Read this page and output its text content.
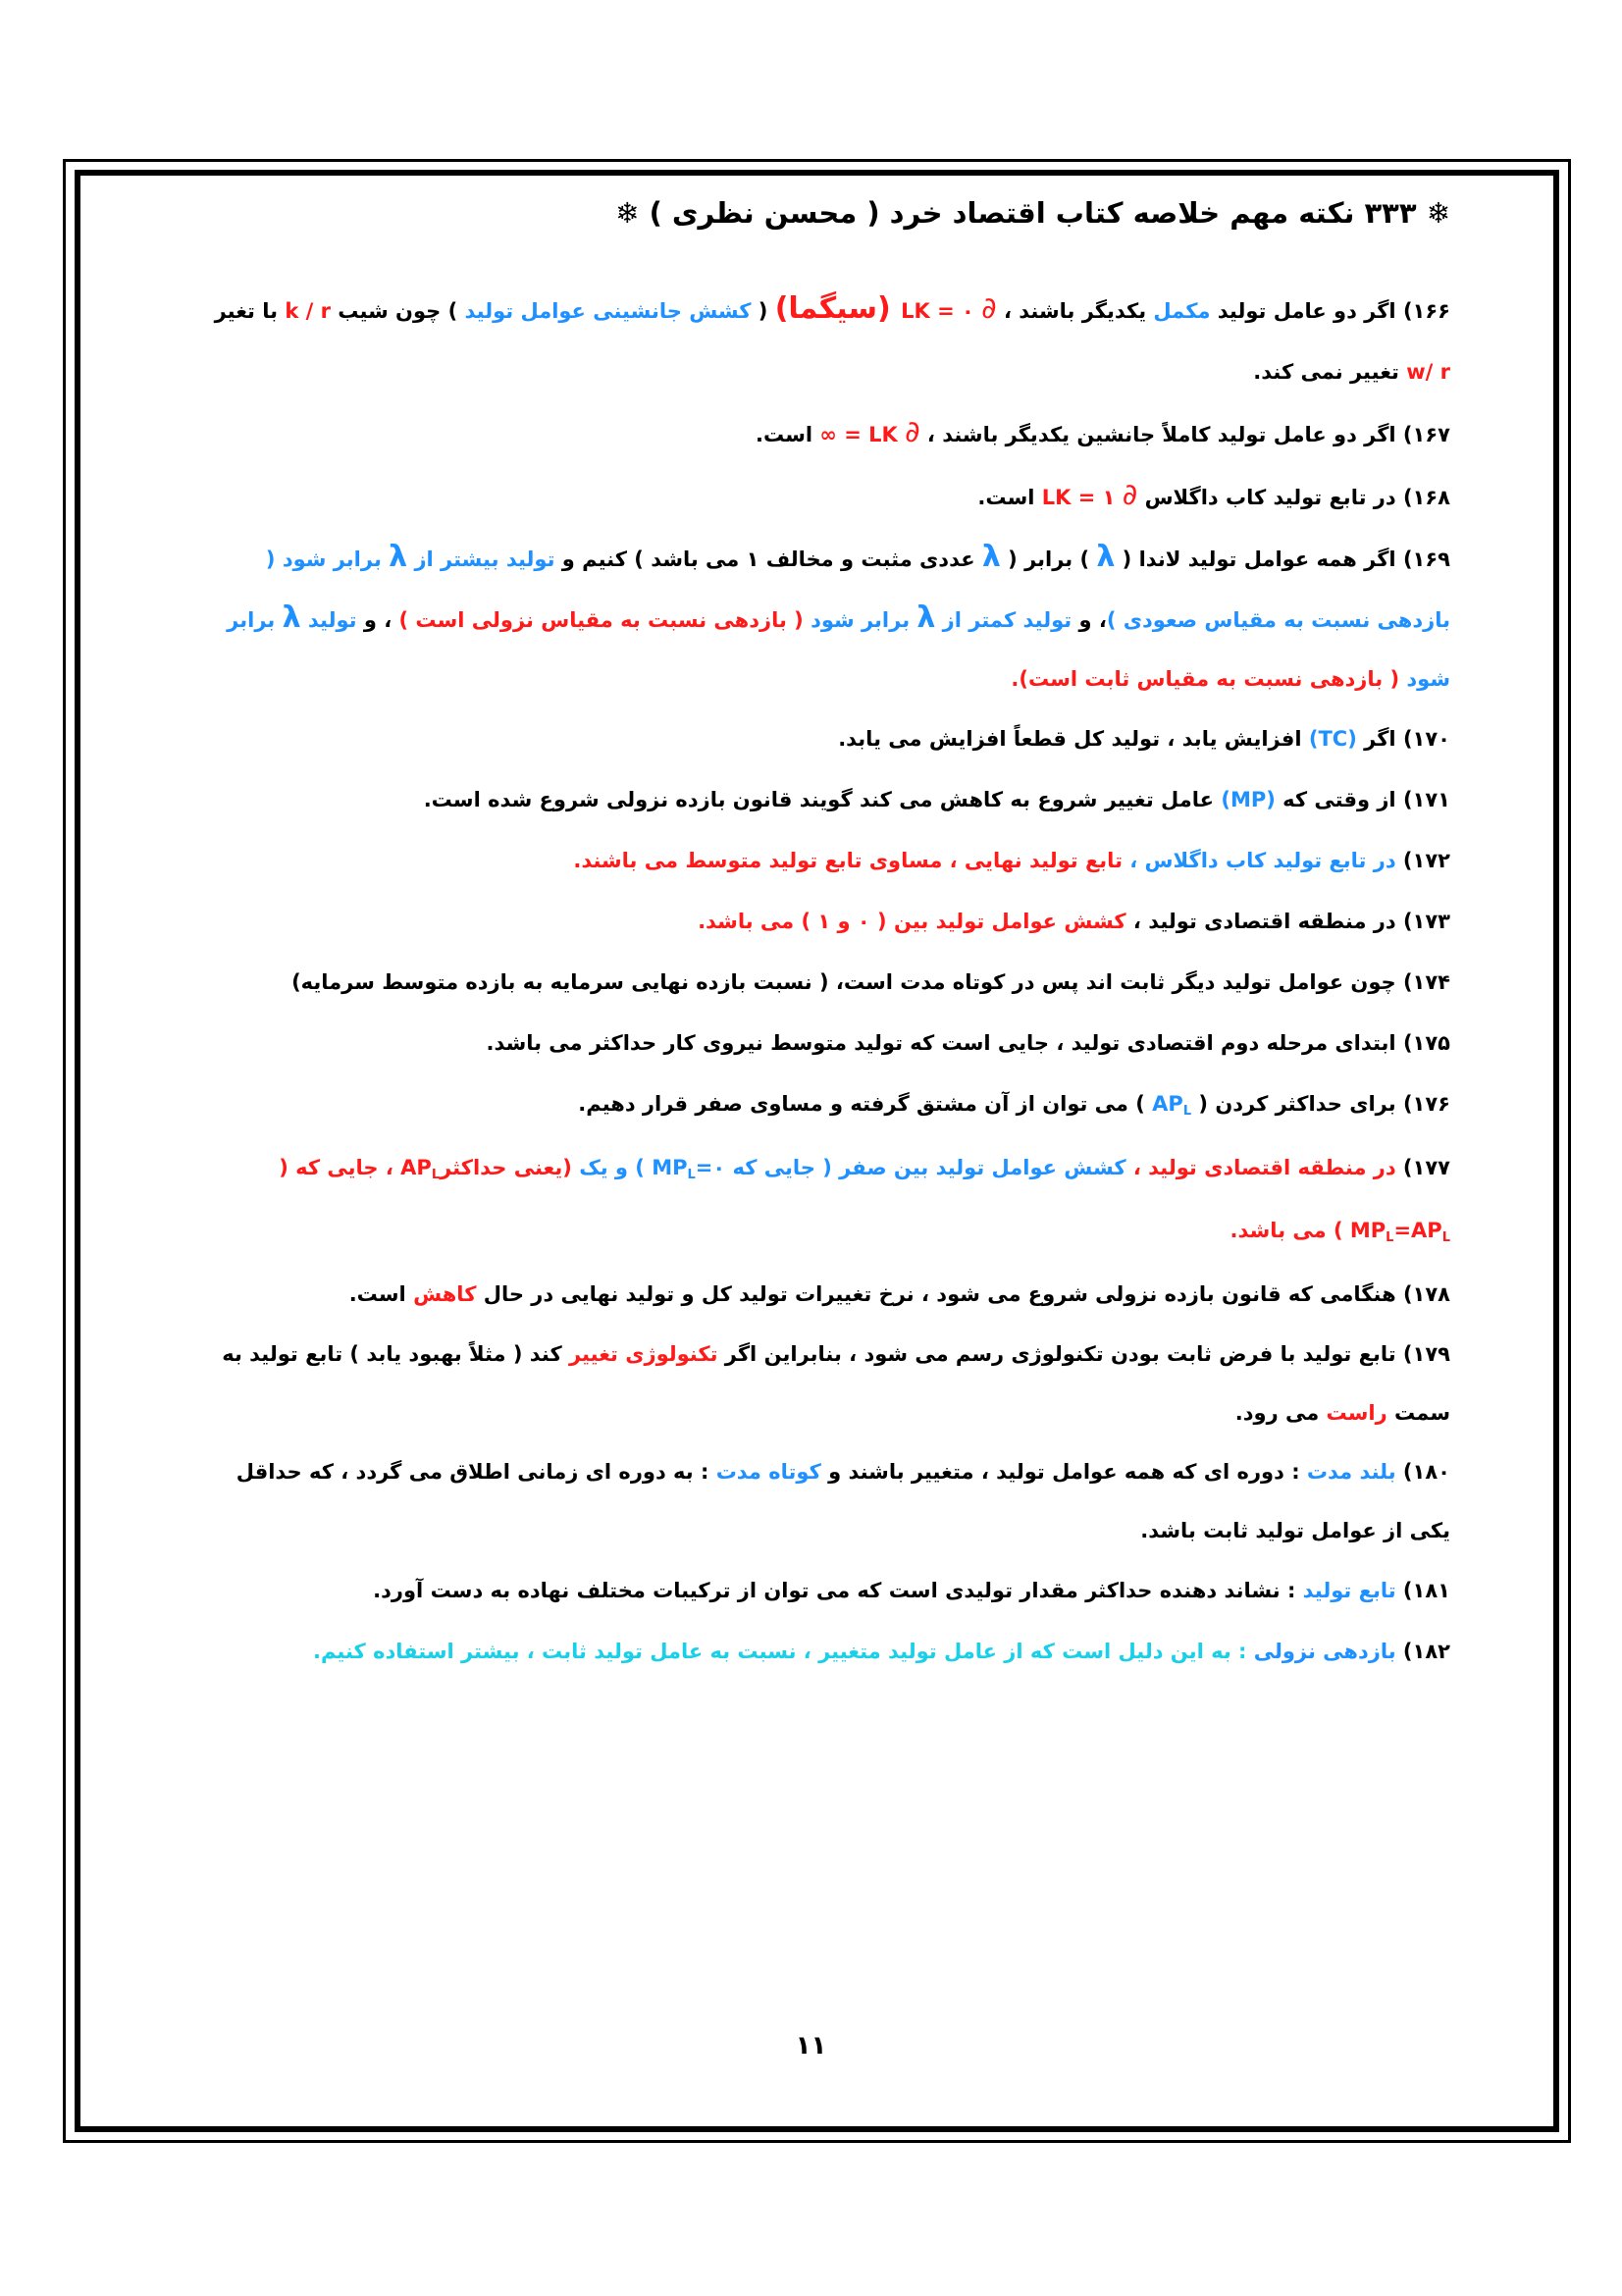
❄ ۳۳۳ نکته مهم خلاصه کتاب اقتصاد خرد ( محسن نظری ) ❄
۱۶۶) اگر دو عامل تولید مکمل یکدیگر باشند ، ∂ LK = ۰ (سیگما) ( کشش جانشینی عوامل تولید ) چون شیب k / r با تغیر w/ r تغییر نمی کند.
۱۶۷) اگر دو عامل تولید کاملاً جانشین یکدیگر باشند ، ∂ LK = ∞ است.
۱۶۸) در تابع تولید کاب داگلاس ∂ LK = ۱ است.
۱۶۹) اگر همه عوامل تولید لاندا ( λ ) برابر ( λ عددی مثبت و مخالف ۱ می باشد ) کنیم و تولید بیشتر از λ برابر شود ( بازدهی نسبت به مقیاس صعودی )، و تولید کمتر از λ برابر شود ( بازدهی نسبت به مقیاس نزولی است ) ، و تولید λ برابر شود ( بازدهی نسبت به مقیاس ثابت است).
۱۷۰) اگر (TC) افزایش یابد ، تولید کل قطعاً افزایش می یابد.
۱۷۱) از وقتی که (MP) عامل تغییر شروع به کاهش می کند گویند قانون بازده نزولی شروع شده است.
۱۷۲) در تابع تولید کاب داگلاس ، تابع تولید نهایی ، مساوی تابع تولید متوسط می باشند.
۱۷۳) در منطقه اقتصادی تولید ، کشش عوامل تولید بین ( ۰ و ۱ ) می باشد.
۱۷۴) چون عوامل تولید دیگر ثابت اند پس در کوتاه مدت است، ( نسبت بازده نهایی سرمایه به بازده متوسط سرمایه)
۱۷۵) ابتدای مرحله دوم اقتصادی تولید ، جایی است که تولید متوسط نیروی کار حداکثر می باشد.
۱۷۶) برای حداکثر کردن ( $AP_L$ ) می توان از آن مشتق گرفته و مساوی صفر قرار دهیم.
۱۷۷) در منطقه اقتصادی تولید ، کشش عوامل تولید بین صفر ( جایی که $MP_L=۰$ ) و یک (یعنی حداکثرAP$_L$ ، جایی که ( $MP_L=AP_L$ ) می باشد.
۱۷۸) هنگامی که قانون بازده نزولی شروع می شود ، نرخ تغییرات تولید کل و تولید نهایی در حال کاهش است.
۱۷۹) تابع تولید با فرض ثابت بودن تکنولوژی رسم می شود ، بنابراین اگر تکنولوژی تغییر کند ( مثلاً بهبود یابد ) تابع تولید به سمت راست می رود.
۱۸۰) بلند مدت : دوره ای که همه عوامل تولید ، متغییر باشند و کوتاه مدت : به دوره ای زمانی اطلاق می گردد ، که حداقل یکی از عوامل تولید ثابت باشد.
۱۸۱) تابع تولید : نشاند دهنده حداکثر مقدار تولیدی است که می توان از ترکیبات مختلف نهاده به دست آورد.
۱۸۲) بازدهی نزولی : به این دلیل است که از عامل تولید متغییر ، نسبت به عامل تولید ثابت ، بیشتر استفاده کنیم.
۱۱
